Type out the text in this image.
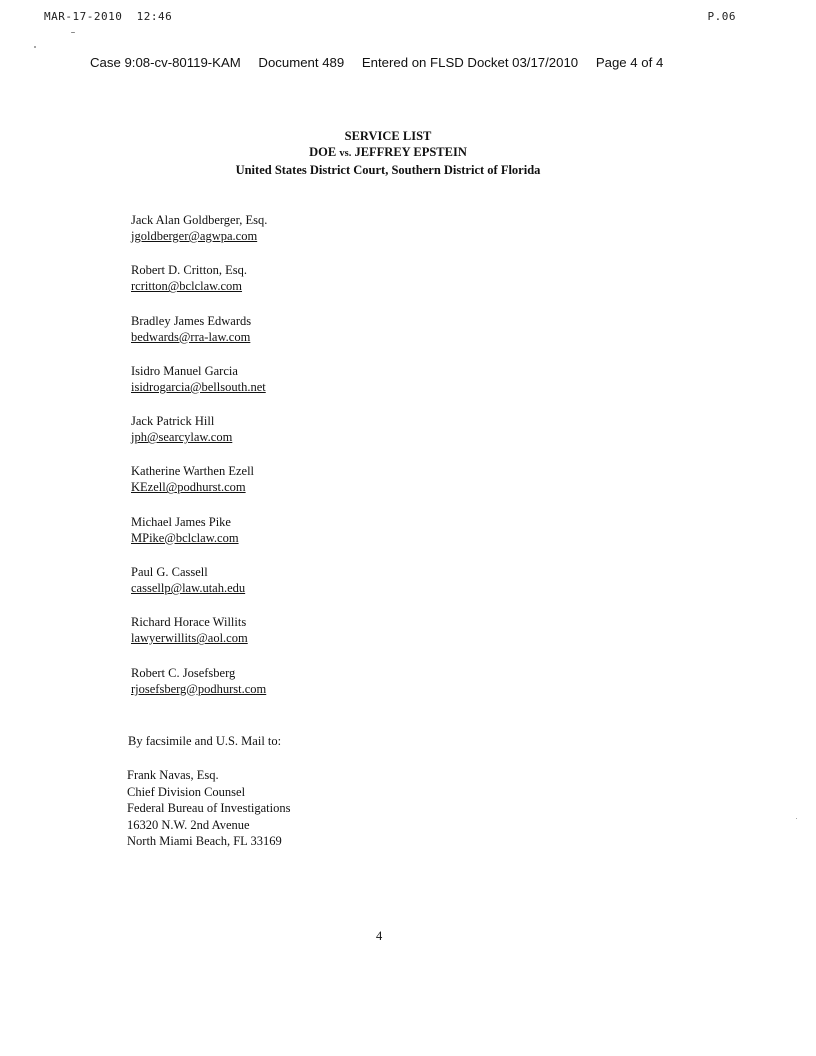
MAR-17-2010  12:46	P.06
Case 9:08-cv-80119-KAM Document 489 Entered on FLSD Docket 03/17/2010 Page 4 of 4
SERVICE LIST
DOE vs. JEFFREY EPSTEIN
United States District Court, Southern District of Florida
Jack Alan Goldberger, Esq.
jgoldberger@agwpa.com
Robert D. Critton, Esq.
rcritton@bclclaw.com
Bradley James Edwards
bedwards@rra-law.com
Isidro Manuel Garcia
isidrogarcia@bellsouth.net
Jack Patrick Hill
jph@searcylaw.com
Katherine Warthen Ezell
KEzell@podhurst.com
Michael James Pike
MPike@bclclaw.com
Paul G. Cassell
cassellp@law.utah.edu
Richard Horace Willits
lawyerwillits@aol.com
Robert C. Josefsberg
rjosefsberg@podhurst.com
By facsimile and U.S. Mail to:
Frank Navas, Esq.
Chief Division Counsel
Federal Bureau of Investigations
16320 N.W. 2nd Avenue
North Miami Beach, FL 33169
4
